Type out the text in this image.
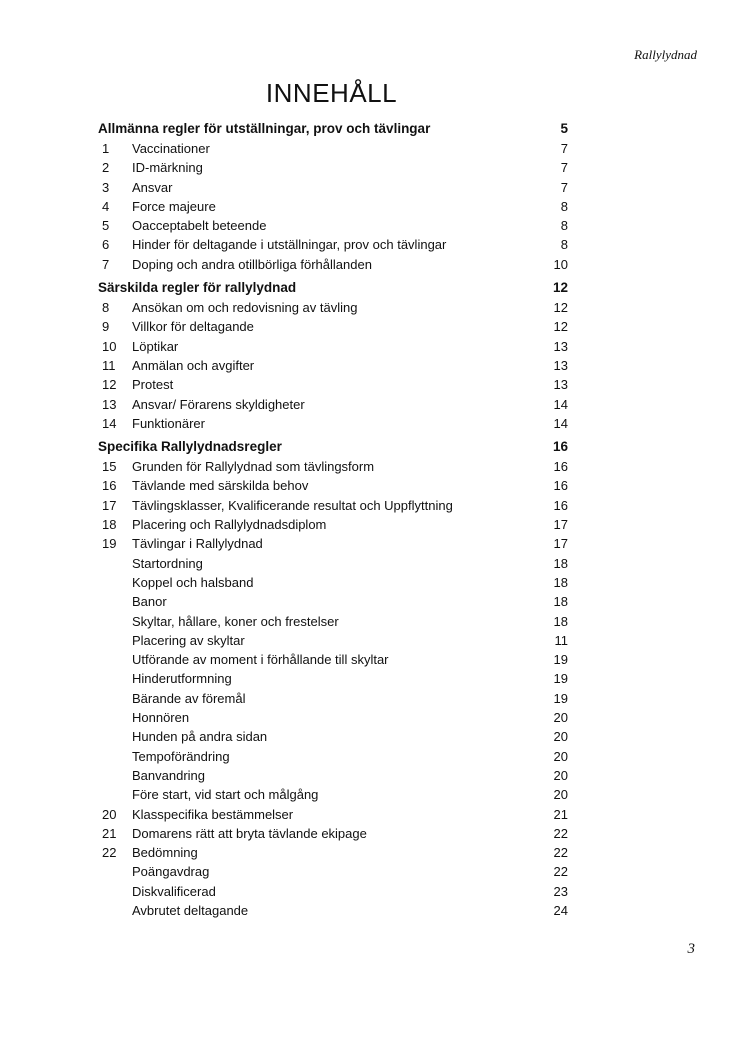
Rallylydnad
INNEHÅLL
Allmänna regler för utställningar, prov och tävlingar	5
1 Vaccinationer	7
2 ID-märkning	7
3 Ansvar	7
4 Force majeure	8
5 Oacceptabelt beteende	8
6 Hinder för deltagande i utställningar, prov och tävlingar	8
7 Doping och andra otillbörliga förhållanden	10
Särskilda regler för rallylydnad	12
8 Ansökan om och redovisning av tävling	12
9 Villkor för deltagande	12
10 Löptikar	13
11 Anmälan och avgifter	13
12 Protest	13
13 Ansvar/ Förarens skyldigheter	14
14 Funktionärer	14
Specifika Rallylydnadsregler	16
15 Grunden för Rallylydnad som tävlingsform	16
16 Tävlande med särskilda behov	16
17 Tävlingsklasser, Kvalificerande resultat och Uppflyttning	16
18 Placering och Rallylydnadsdiplom	17
19 Tävlingar i Rallylydnad	17
Startordning	18
Koppel och halsband	18
Banor	18
Skyltar, hållare, koner och frestelser	18
Placering av skyltar	11
Utförande av moment i förhållande till skyltar	19
Hinderutformning	19
Bärande av föremål	19
Honnören	20
Hunden på andra sidan	20
Tempoförändring	20
Banvandring	20
Före start, vid start och målgång	20
20 Klasspecifika bestämmelser	21
21 Domarens rätt att bryta tävlande ekipage	22
22 Bedömning	22
Poängavdrag	22
Diskvalificerad	23
Avbrutet deltagande	24
3
